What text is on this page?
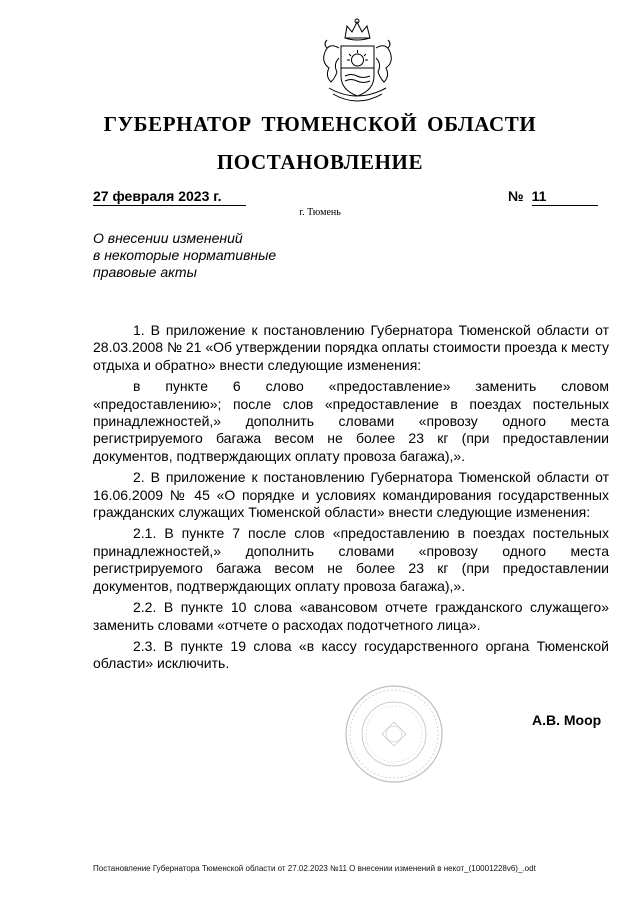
ГУБЕРНАТОР ТЮМЕНСКОЙ ОБЛАСТИ
ПОСТАНОВЛЕНИЕ
27 февраля 2023 г.	№ 11
г. Тюмень
О внесении изменений
в некоторые нормативные
правовые акты

1. В приложение к постановлению Губернатора Тюменской области от 28.03.2008 № 21 «Об утверждении порядка оплаты стоимости проезда к месту отдыха и обратно» внести следующие изменения:

в пункте 6 слово «предоставление» заменить словом «предоставлению»; после слов «предоставление в поездах постельных принадлежностей,» дополнить словами «провозу одного места регистрируемого багажа весом не более 23 кг (при предоставлении документов, подтверждающих оплату провоза багажа),».

2. В приложение к постановлению Губернатора Тюменской области от 16.06.2009 № 45 «О порядке и условиях командирования государственных гражданских служащих Тюменской области» внести следующие изменения:

2.1. В пункте 7 после слов «предоставлению в поездах постельных принадлежностей,» дополнить словами «провозу одного места регистрируемого багажа весом не более 23 кг (при предоставлении документов, подтверждающих оплату провоза багажа),».

2.2. В пункте 10 слова «авансовом отчете гражданского служащего» заменить словами «отчете о расходах подотчетного лица».

2.3. В пункте 19 слова «в кассу государственного органа Тюменской области» исключить.

А.В. Моор
Постановление Губернатора Тюменской области от 27.02.2023 №11 О внесении изменений в некот_(10001228v6)_.odt
